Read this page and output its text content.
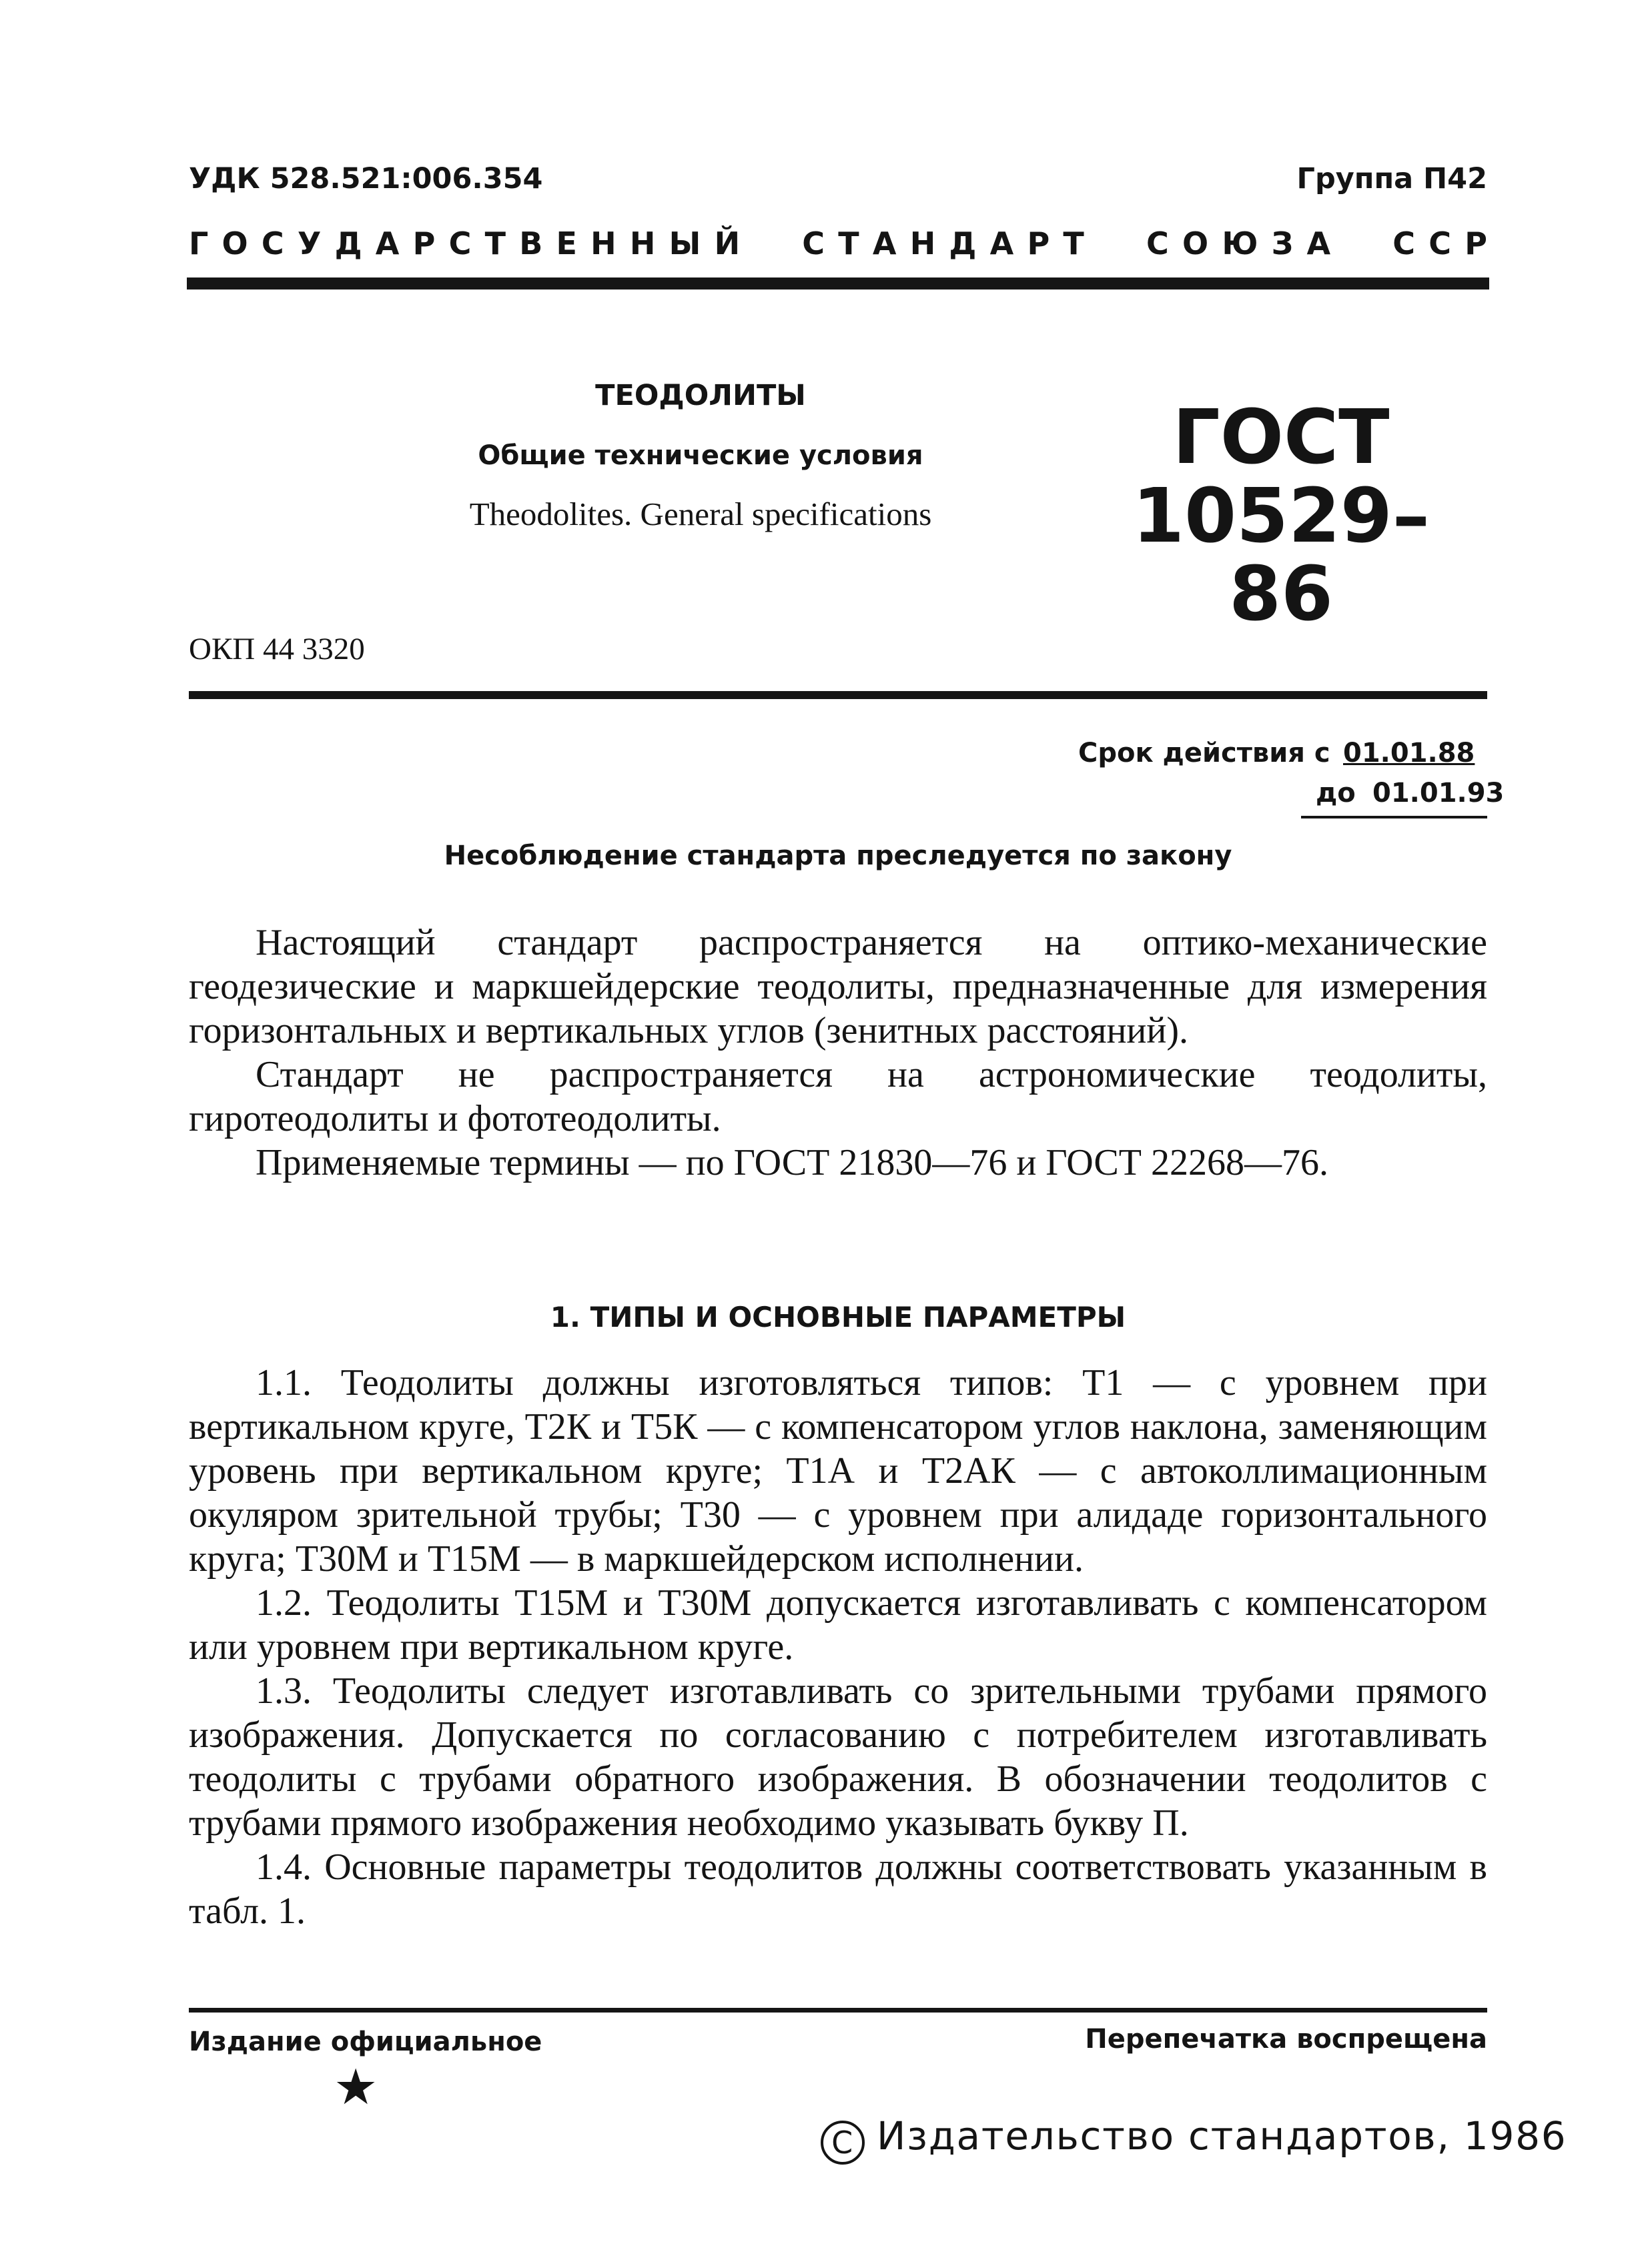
УДК 528.521:006.354	Группа П42
ГОСУДАРСТВЕННЫЙ СТАНДАРТ СОЮЗА ССР
ТЕОДОЛИТЫ
Общие технические условия
Theodolites. General specifications
ГОСТ
10529–86
ОКП 44 3320
Срок действия с 01.01.88
до 01.01.93
Несоблюдение стандарта преследуется по закону

Настоящий стандарт распространяется на оптико-механические геодезические и маркшейдерские теодолиты, предназначенные для измерения горизонтальных и вертикальных углов (зенитных расстояний).

Стандарт не распространяется на астрономические теодолиты, гиротеодолиты и фототеодолиты.

Применяемые термины — по ГОСТ 21830—76 и ГОСТ 22268—76.

1. ТИПЫ И ОСНОВНЫЕ ПАРАМЕТРЫ

1.1. Теодолиты должны изготовляться типов: Т1 — с уровнем при вертикальном круге, Т2К и Т5К — с компенсатором углов наклона, заменяющим уровень при вертикальном круге; Т1А и Т2АК — с автоколлимационным окуляром зрительной трубы; Т30 — с уровнем при алидаде горизонтального круга; Т30М и Т15М — в маркшейдерском исполнении.

1.2. Теодолиты Т15М и Т30М допускается изготавливать с компенсатором или уровнем при вертикальном круге.

1.3. Теодолиты следует изготавливать со зрительными трубами прямого изображения. Допускается по согласованию с потребителем изготавливать теодолиты с трубами обратного изображения. В обозначении теодолитов с трубами прямого изображения необходимо указывать букву П.

1.4. Основные параметры теодолитов должны соответствовать указанным в табл. 1.

Издание официальное	Перепечатка воспрещена
★
C Издательство стандартов, 1986
